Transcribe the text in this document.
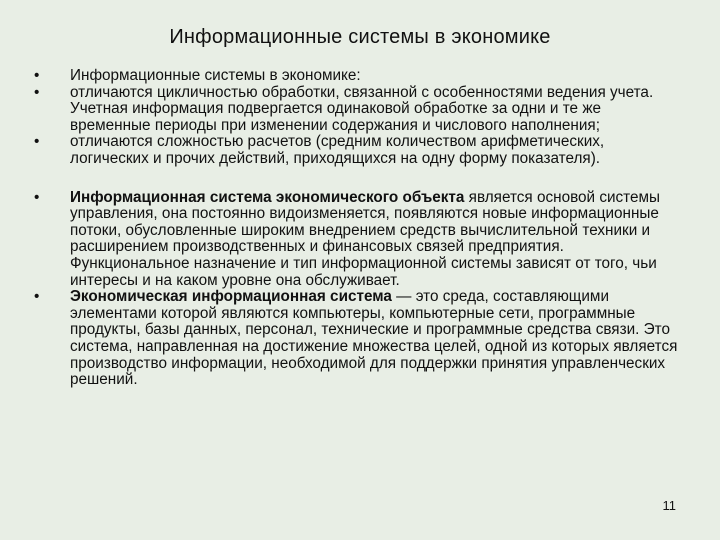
Информационные системы в экономике
•	Информационные системы в экономике:
•	отличаются цикличностью обработки, связанной с особенностями ведения учета. Учетная информация подвергается одинаковой обработке за одни и те же временные периоды при изменении содержания и числового наполнения;
•	отличаются сложностью расчетов (средним количеством арифметических, логических и прочих действий, приходящихся на одну форму показателя).
•	Информационная система экономического объекта является основой системы управления, она постоянно видоизменяется, появляются новые информационные потоки, обусловленные широким внедрением средств вычислительной техники и расширением производственных и финансовых связей предприятия. Функциональное назначение и тип информационной системы зависят от того, чьи интересы и на каком уровне она обслуживает.
•	Экономическая информационная система — это среда, составляющими элементами которой являются компьютеры, компьютерные сети, программные продукты, базы данных, персонал, технические и программные средства связи. Это система, направленная на достижение множества целей, одной из которых является производство информации, необходимой для поддержки принятия управленческих решений.
11
